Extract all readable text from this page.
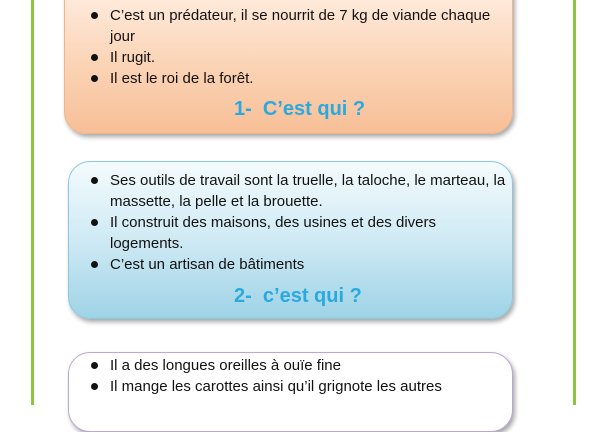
C’est un prédateur, il se nourrit de 7 kg de viande chaque jour
Il rugit.
Il est le roi de la forêt.
1-  C’est qui ?
Ses outils de travail sont la truelle, la taloche, le marteau, la massette, la pelle et la brouette.
Il construit des maisons, des usines et des divers logements.
C’est un artisan de bâtiments
2-  c’est qui ?
Il a des longues oreilles à ouïe fine
Il mange les carottes ainsi qu’il grignote les autres
